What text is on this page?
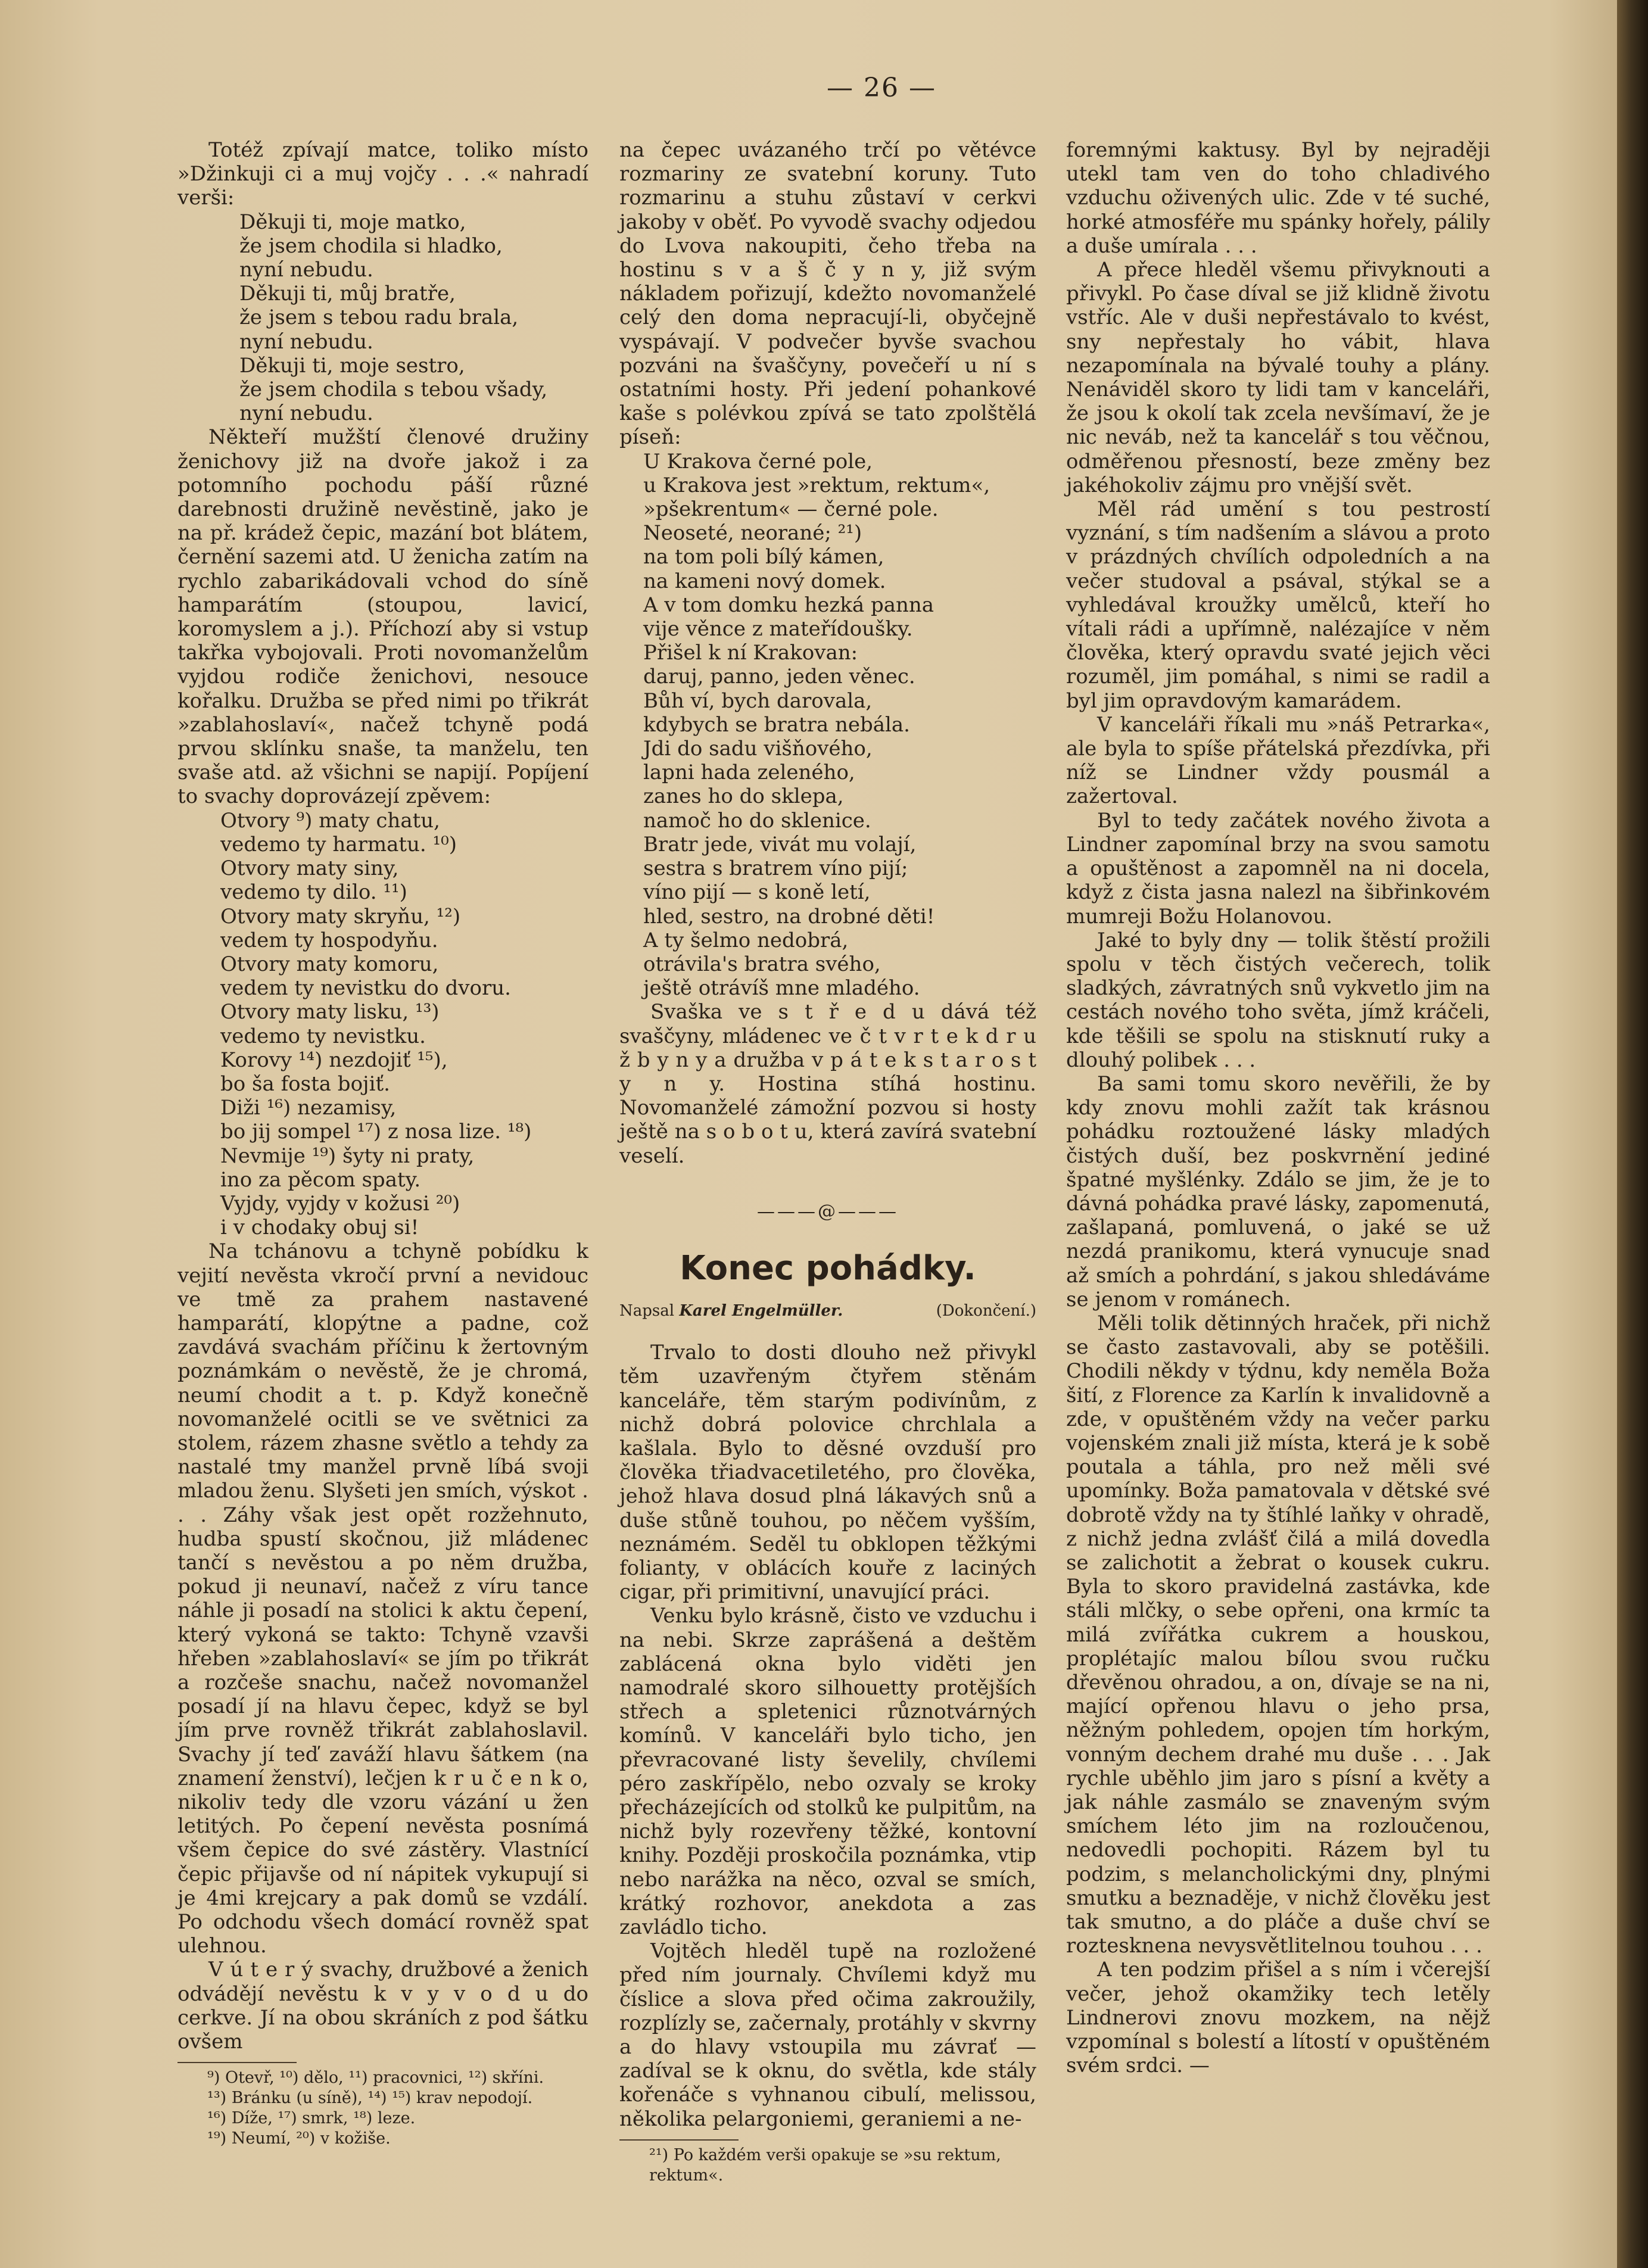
— 26 —

Totéž zpívají matce, toliko místo »Džinkuji ci a muj vojčy . . .« nahradí verši:

Děkuji ti, moje matko,
že jsem chodila si hladko,
nyní nebudu.
Děkuji ti, můj bratře,
že jsem s tebou radu brala,
nyní nebudu.
Děkuji ti, moje sestro,
že jsem chodila s tebou všady,
nyní nebudu.

Někteří mužští členové družiny ženichovy již na dvoře jakož i za potomního pochodu páší různé darebnosti družině nevěstině, jako je na př. krádež čepic, mazání bot blátem, černění sazemi atd. U ženicha zatím na rychlo zabarikádovali vchod do síně hamparátím (stoupou, lavicí, koromyslem a j.). Příchozí aby si vstup takřka vybojovali. Proti novomanželům vyjdou rodiče ženichovi, nesouce kořalku. Družba se před nimi po třikrát »zablahoslaví«, načež tchyně podá prvou sklínku snaše, ta manželu, ten svaše atd. až všichni se napijí. Popíjení to svachy doprovázejí zpěvem:

Otvory ⁹) maty chatu,
vedemo ty harmatu. ¹⁰)
Otvory maty siny,
vedemo ty dilo. ¹¹)
Otvory maty skryňu, ¹²)
vedem ty hospodyňu.
Otvory maty komoru,
vedem ty nevistku do dvoru.
Otvory maty lisku, ¹³)
vedemo ty nevistku.
Korovy ¹⁴) nezdojiť ¹⁵),
bo ša fosta bojiť.
Diži ¹⁶) nezamisy,
bo jij sompel ¹⁷) z nosa lize. ¹⁸)
Nevmije ¹⁹) šyty ni praty,
ino za pěcom spaty.
Vyjdy, vyjdy v kožusi ²⁰)
i v chodaky obuj si!

Na tchánovu a tchyně pobídku k vejití nevěsta vkročí první a nevidouc ve tmě za prahem nastavené hamparátí, klopýtne a padne, což zavdává svachám příčinu k žertovným poznámkám o nevěstě, že je chromá, neumí chodit a t. p. Když konečně novomanželé ocitli se ve světnici za stolem, rázem zhasne světlo a tehdy za nastalé tmy manžel prvně líbá svoji mladou ženu. Slyšeti jen smích, výskot . . . Záhy však jest opět rozžehnuto, hudba spustí skočnou, již mládenec tančí s nevěstou a po něm družba, pokud ji neunaví, načež z víru tance náhle ji posadí na stolici k aktu čepení, který vykoná se takto: Tchyně vzavši hřeben »zablahoslaví« se jím po třikrát a rozčeše snachu, načež novomanžel posadí jí na hlavu čepec, když se byl jím prve rovněž třikrát zablahoslavil. Svachy jí teď zaváží hlavu šátkem (na znamení ženství), lečjen k r u č e n k o, nikoliv tedy dle vzoru vázání u žen letitých. Po čepení nevěsta posnímá všem čepice do své zástěry. Vlastnící čepic přijavše od ní nápitek vykupují si je 4mi krejcary a pak domů se vzdálí. Po odchodu všech domácí rovněž spat ulehnou.

V ú t e r ý svachy, družbové a ženich odvádějí nevěstu k v y v o d u do cerkve. Jí na obou skráních z pod šátku ovšem

⁹) Otevř, ¹⁰) dělo, ¹¹) pracovnici, ¹²) skříni.
¹³) Bránku (u síně), ¹⁴) ¹⁵) krav nepodojí.
¹⁶) Díže, ¹⁷) smrk, ¹⁸) leze.
¹⁹) Neumí, ²⁰) v kožiše.

na čepec uvázaného trčí po větévce rozmariny ze svatební koruny. Tuto rozmarinu a stuhu zůstaví v cerkvi jakoby v oběť. Po vyvodě svachy odjedou do Lvova nakoupiti, čeho třeba na hostinu s v a š č y n y, již svým nákladem pořizují, kdežto novomanželé celý den doma nepracují-li, obyčejně vyspávají. V podvečer byvše svachou pozváni na švaščyny, povečeří u ní s ostatními hosty. Při jedení pohankové kaše s polévkou zpívá se tato zpolštělá píseň:

U Krakova černé pole,
u Krakova jest »rektum, rektum«,
»pšekrentum« — černé pole.
Neoseté, neorané; ²¹)
na tom poli bílý kámen,
na kameni nový domek.
A v tom domku hezká panna
vije věnce z mateřídoušky.
Přišel k ní Krakovan:
daruj, panno, jeden věnec.
Bůh ví, bych darovala,
kdybych se bratra nebála.
Jdi do sadu višňového,
lapni hada zeleného,
zanes ho do sklepa,
namoč ho do sklenice.
Bratr jede, vivát mu volají,
sestra s bratrem víno pijí;
víno pijí — s koně letí,
hled, sestro, na drobné děti!
A ty šelmo nedobrá,
otrávila's bratra svého,
ještě otrávíš mne mladého.

Svaška ve s t ř e d u dává též svaščyny, mládenec ve č t v r t e k d r u ž b y n y a družba v p á t e k s t a r o s t y n y. Hostina stíhá hostinu. Novomanželé zámožní pozvou si hosty ještě na s o b o t u, která zavírá svatební veselí.

———@———
Konec pohádky.
Napsal Karel Engelmüller.	(Dokončení.)

Trvalo to dosti dlouho než přivykl těm uzavřeným čtyřem stěnám kanceláře, těm starým podivínům, z nichž dobrá polovice chrchlala a kašlala. Bylo to děsné ovzduší pro člověka třiadvacetiletého, pro člověka, jehož hlava dosud plná lákavých snů a duše stůně touhou, po něčem vyšším, neznámém. Seděl tu obklopen těžkými folianty, v oblácích kouře z laciných cigar, při primitivní, unavující práci.

Venku bylo krásně, čisto ve vzduchu i na nebi. Skrze zaprášená a deštěm zablácená okna bylo viděti jen namodralé skoro silhouetty protějších střech a spletenici různotvárných komínů. V kanceláři bylo ticho, jen převracované listy ševelily, chvílemi péro zaskřípělo, nebo ozvaly se kroky přecházejících od stolků ke pulpitům, na nichž byly rozevřeny těžké, kontovní knihy. Později proskočila poznámka, vtip nebo narážka na něco, ozval se smích, krátký rozhovor, anekdota a zas zavládlo ticho.

Vojtěch hleděl tupě na rozložené před ním journaly. Chvílemi když mu číslice a slova před očima zakroužily, rozplízly se, začernaly, protáhly v skvrny a do hlavy vstoupila mu závrať — zadíval se k oknu, do světla, kde stály kořenáče s vyhnanou cibulí, melissou, několika pelargoniemi, geraniemi a ne-

²¹) Po každém verši opakuje se »su rektum, rektum«.

foremnými kaktusy. Byl by nejraději utekl tam ven do toho chladivého vzduchu oživených ulic. Zde v té suché, horké atmosféře mu spánky hořely, pálily a duše umírala . . .

A přece hleděl všemu přivyknouti a přivykl. Po čase díval se již klidně životu vstříc. Ale v duši nepřestávalo to kvést, sny nepřestaly ho vábit, hlava nezapomínala na bývalé touhy a plány. Nenáviděl skoro ty lidi tam v kanceláři, že jsou k okolí tak zcela nevšímaví, že je nic neváb, než ta kancelář s tou věčnou, odměřenou přesností, beze změny bez jakéhokoliv zájmu pro vnější svět.

Měl rád umění s tou pestrostí vyznání, s tím nadšením a slávou a proto v prázdných chvílích odpoledních a na večer studoval a psával, stýkal se a vyhledával kroužky umělců, kteří ho vítali rádi a upřímně, nalézajíce v něm člověka, který opravdu svaté jejich věci rozuměl, jim pomáhal, s nimi se radil a byl jim opravdovým kamarádem.

V kanceláři říkali mu »náš Petrarka«, ale byla to spíše přátelská přezdívka, při níž se Lindner vždy pousmál a zažertoval.

Byl to tedy začátek nového života a Lindner zapomínal brzy na svou samotu a opuštěnost a zapomněl na ni docela, když z čista jasna nalezl na šibřinkovém mumreji Božu Holanovou.

Jaké to byly dny — tolik štěstí prožili spolu v těch čistých večerech, tolik sladkých, závratných snů vykvetlo jim na cestách nového toho světa, jímž kráčeli, kde těšili se spolu na stisknutí ruky a dlouhý polibek . . .

Ba sami tomu skoro nevěřili, že by kdy znovu mohli zažít tak krásnou pohádku roztoužené lásky mladých čistých duší, bez poskvrnění jediné špatné myšlénky. Zdálo se jim, že je to dávná pohádka pravé lásky, zapomenutá, zašlapaná, pomluvená, o jaké se už nezdá pranikomu, která vynucuje snad až smích a pohrdání, s jakou shledáváme se jenom v románech.

Měli tolik dětinných hraček, při nichž se často zastavovali, aby se potěšili. Chodili někdy v týdnu, kdy neměla Boža šití, z Florence za Karlín k invalidovně a zde, v opuštěném vždy na večer parku vojenském znali již místa, která je k sobě poutala a táhla, pro než měli své upomínky. Boža pamatovala v dětské své dobrotě vždy na ty štíhlé laňky v ohradě, z nichž jedna zvlášť čilá a milá dovedla se zalichotit a žebrat o kousek cukru. Byla to skoro pravidelná zastávka, kde stáli mlčky, o sebe opřeni, ona krmíc ta milá zvířátka cukrem a houskou, proplétajíc malou bílou svou ručku dřevěnou ohradou, a on, dívaje se na ni, mající opřenou hlavu o jeho prsa, něžným pohledem, opojen tím horkým, vonným dechem drahé mu duše . . . Jak rychle uběhlo jim jaro s písní a květy a jak náhle zasmálo se znaveným svým smíchem léto jim na rozloučenou, nedovedli pochopiti. Rázem byl tu podzim, s melancholickými dny, plnými smutku a beznaděje, v nichž člověku jest tak smutno, a do pláče a duše chví se roztesknena nevysvětlitelnou touhou . . .

A ten podzim přišel a s ním i včerejší večer, jehož okamžiky tech letěly Lindnerovi znovu mozkem, na nějž vzpomínal s bolestí a lítostí v opuštěném svém srdci. —
